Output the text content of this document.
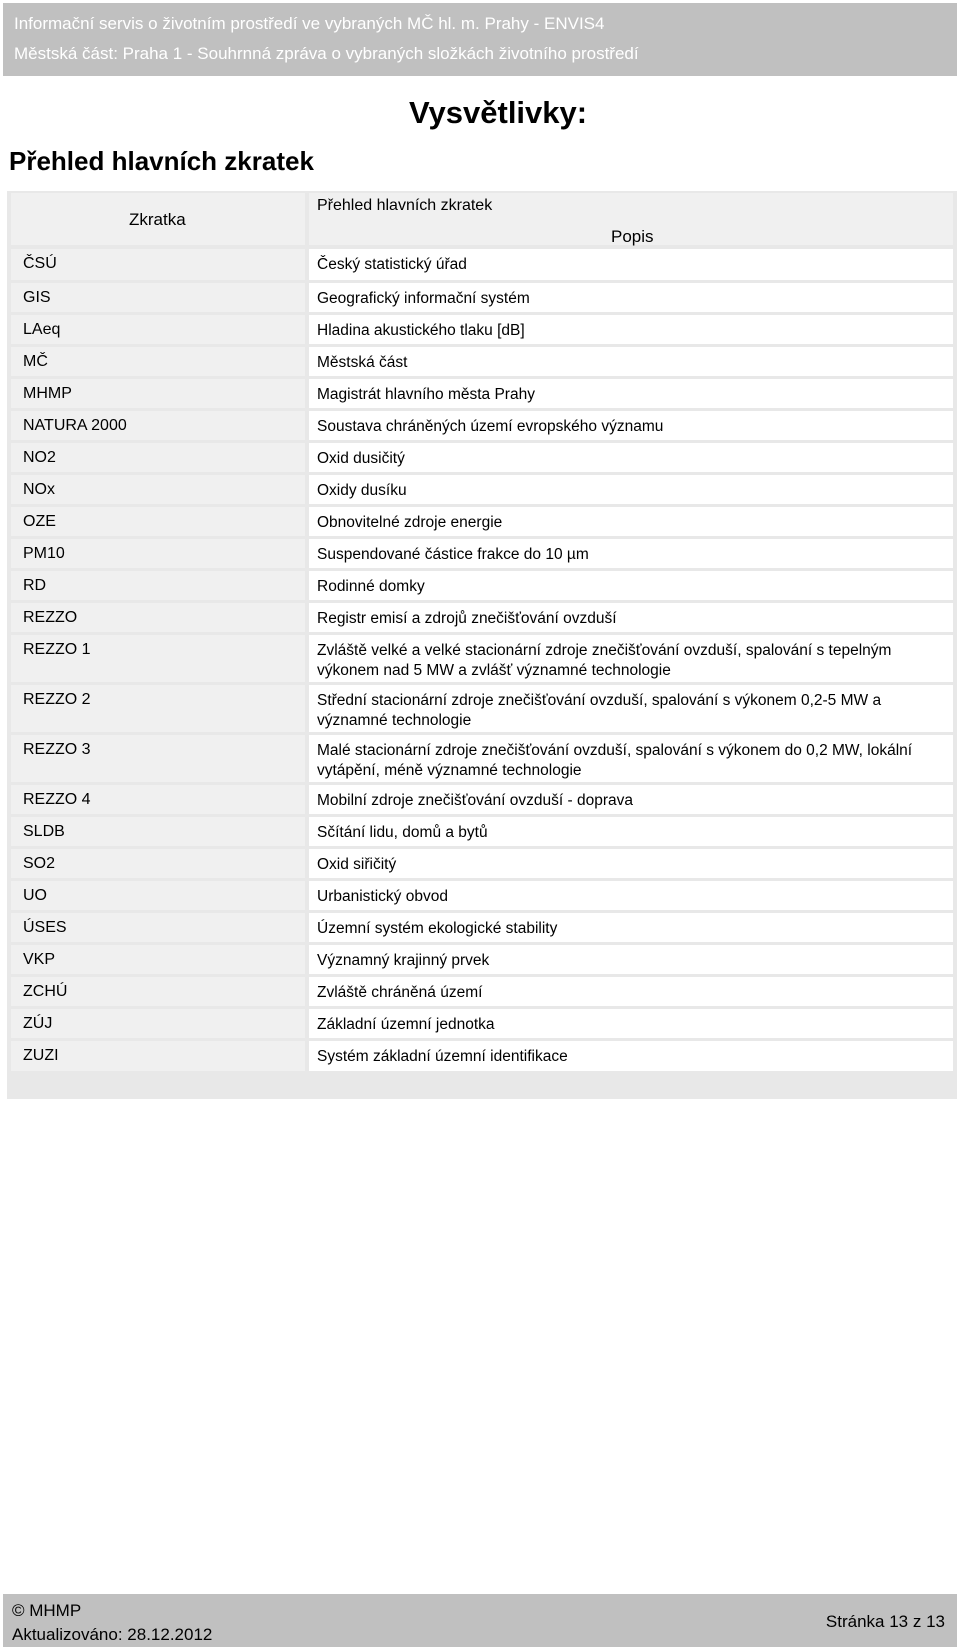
Informační servis o životním prostředí ve vybraných MČ hl. m. Prahy - ENVIS4
Městská část: Praha 1 - Souhrnná zpráva o vybraných složkách životního prostředí
Vysvětlivky:
Přehled hlavních zkratek
Zkratka
Přehled hlavních zkratek
Popis
ČSÚ	Český statistický úřad
GIS	Geografický informační systém
LAeq	Hladina akustického tlaku [dB]
MČ	Městská část
MHMP	Magistrát hlavního města Prahy
NATURA 2000	Soustava chráněných území evropského významu
NO2	Oxid dusičitý
NOx	Oxidy dusíku
OZE	Obnovitelné zdroje energie
PM10	Suspendované částice frakce do 10 µm
RD	Rodinné domky
REZZO	Registr emisí a zdrojů znečišťování ovzduší
REZZO 1	Zvláště velké a velké stacionární zdroje znečišťování ovzduší, spalování s tepelným výkonem nad 5 MW a zvlášť významné technologie
REZZO 2	Střední stacionární zdroje znečišťování ovzduší, spalování s výkonem 0,2-5 MW a významné technologie
REZZO 3	Malé stacionární zdroje znečišťování ovzduší, spalování s výkonem do 0,2 MW, lokální vytápění, méně významné technologie
REZZO 4	Mobilní zdroje znečišťování ovzduší - doprava
SLDB	Sčítání lidu, domů a bytů
SO2	Oxid siřičitý
UO	Urbanistický obvod
ÚSES	Územní systém ekologické stability
VKP	Významný krajinný prvek
ZCHÚ	Zvláště chráněná území
ZÚJ	Základní územní jednotka
ZUZI	Systém základní územní identifikace
© MHMP
Aktualizováno: 28.12.2012
Stránka 13 z 13
